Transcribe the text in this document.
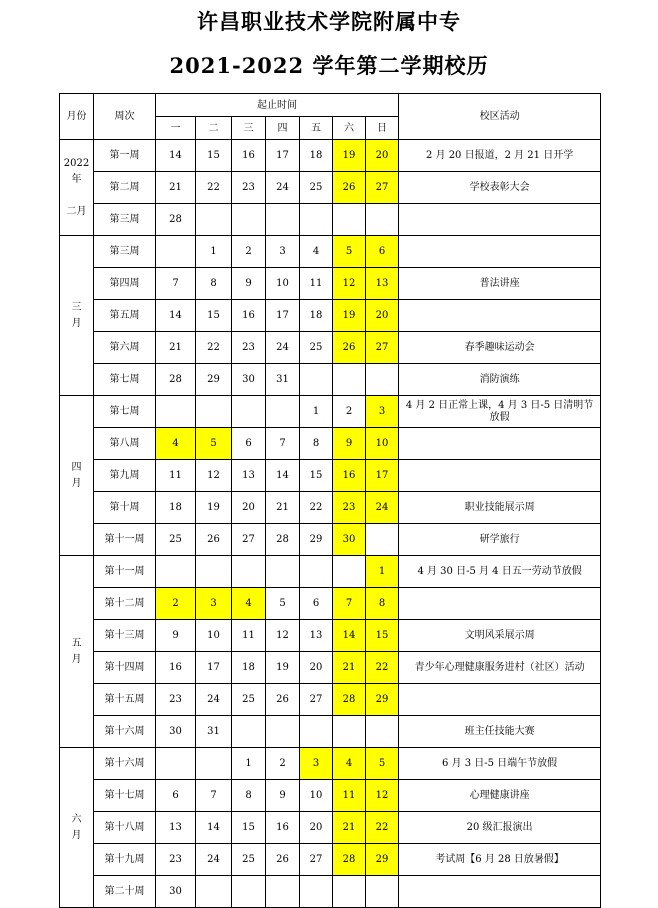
许昌职业技术学院附属中专
2021-2022 学年第二学期校历
月份	周次	起止时间							校区活动
		一	二	三	四	五	六	日	
2022
年

二月	第一周	14	15	16	17	18	19	20	2 月 20 日报道，2 月 21 日开学
	第二周	21	22	23	24	25	26	27	学校表彰大会
	第三周	28							
三
月	第三周		1	2	3	4	5	6	
	第四周	7	8	9	10	11	12	13	普法讲座
	第五周	14	15	16	17	18	19	20	
	第六周	21	22	23	24	25	26	27	春季趣味运动会
	第七周	28	29	30	31				消防演练
四
月	第七周					1	2	3	4 月 2 日正常上课，4 月 3 日-5 日清明节放假
	第八周	4	5	6	7	8	9	10	
	第九周	11	12	13	14	15	16	17	
	第十周	18	19	20	21	22	23	24	职业技能展示周
	第十一周	25	26	27	28	29	30		研学旅行
五
月	第十一周							1	4 月 30 日-5 月 4 日五一劳动节放假
	第十二周	2	3	4	5	6	7	8	
	第十三周	9	10	11	12	13	14	15	文明风采展示周
	第十四周	16	17	18	19	20	21	22	青少年心理健康服务进村（社区）活动
	第十五周	23	24	25	26	27	28	29	
	第十六周	30	31						班主任技能大赛
六
月	第十六周			1	2	3	4	5	6 月 3 日-5 日端午节放假
	第十七周	6	7	8	9	10	11	12	心理健康讲座
	第十八周	13	14	15	16	20	21	22	20 级汇报演出
	第十九周	23	24	25	26	27	28	29	考试周【6 月 28 日放暑假】
	第二十周	30							
